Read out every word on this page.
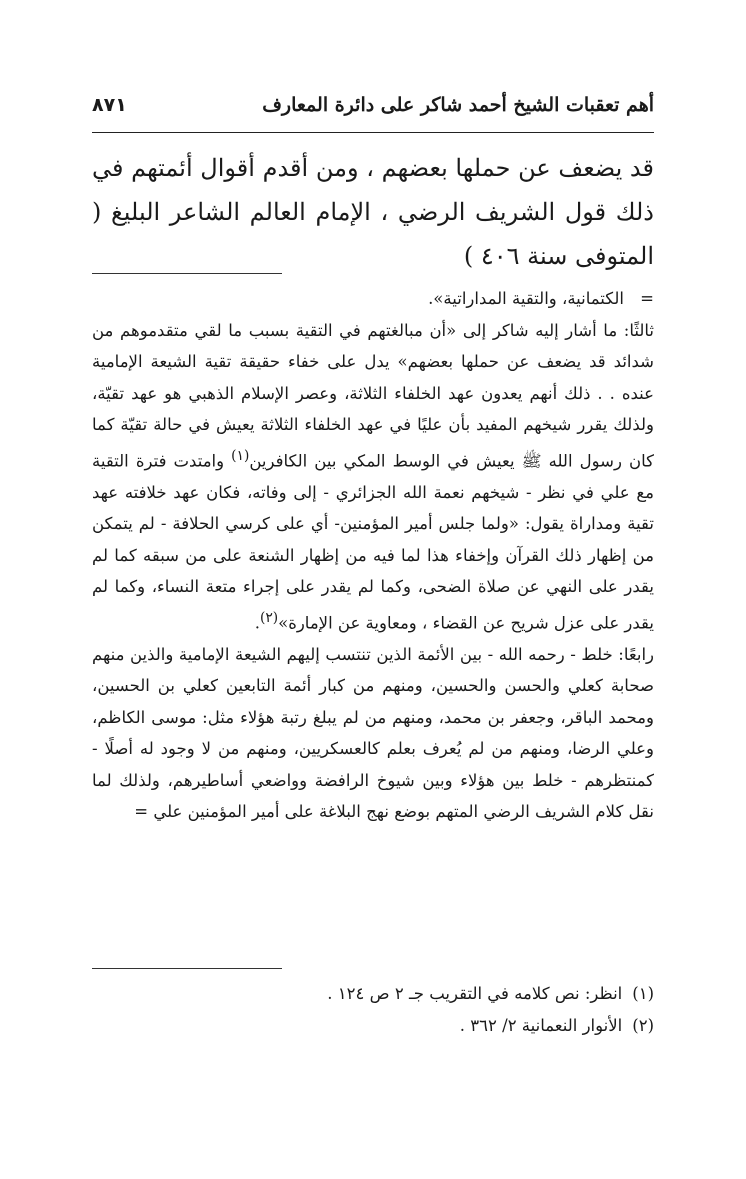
أهم تعقبات الشيخ أحمد شاكر على دائرة المعارف
٨٧١

قد يضعف عن حملها بعضهم ، ومن أقدم أقوال أئمتهم في ذلك قول الشريف الرضي ، الإمام العالم الشاعر البليغ ( المتوفى سنة ٤٠٦ )

=
الكتمانية، والتقية المداراتية».

ثالثًا: ما أشار إليه شاكر إلى «أن مبالغتهم في التقية بسبب ما لقي متقدموهم من شدائد قد يضعف عن حملها بعضهم» يدل على خفاء حقيقة تقية الشيعة الإمامية عنده . . ذلك أنهم يعدون عهد الخلفاء الثلاثة، وعصر الإسلام الذهبي هو عهد تقيّة، ولذلك يقرر شيخهم المفيد بأن عليًا في عهد الخلفاء الثلاثة يعيش في حالة تقيّة كما كان رسول الله ﷺ يعيش في الوسط المكي بين الكافرين$^{(١)}$ وامتدت فترة التقية مع علي في نظر - شيخهم نعمة الله الجزائري - إلى وفاته، فكان عهد خلافته عهد تقية ومداراة يقول: «ولما جلس أمير المؤمنين- أي على كرسي الحلافة - لم يتمكن من إظهار ذلك القرآن وإخفاء هذا لما فيه من إظهار الشنعة على من سبقه كما لم يقدر على النهي عن صلاة الضحى، وكما لم يقدر على إجراء متعة النساء، وكما لم يقدر على عزل شريح عن القضاء ، ومعاوية عن الإمارة»$^{(٢)}$.

رابعًا: خلط - رحمه الله - بين الأئمة الذين تنتسب إليهم الشيعة الإمامية والذين منهم صحابة كعلي والحسن والحسين، ومنهم من كبار أئمة التابعين كعلي بن الحسين، ومحمد الباقر، وجعفر بن محمد، ومنهم من لم يبلغ رتبة هؤلاء مثل: موسى الكاظم، وعلي الرضا، ومنهم من لم يُعرف بعلم كالعسكريين، ومنهم من لا وجود له أصلًا - كمنتظرهم - خلط بين هؤلاء وبين شيوخ الرافضة وواضعي أساطيرهم، ولذلك لما نقل كلام الشريف الرضي المتهم بوضع نهج البلاغة على أمير المؤمنين علي =

(١)
انظر: نص كلامه في التقريب جـ ٢ ص ١٢٤ .
(٢)
الأنوار النعمانية ٢/ ٣٦٢ .
